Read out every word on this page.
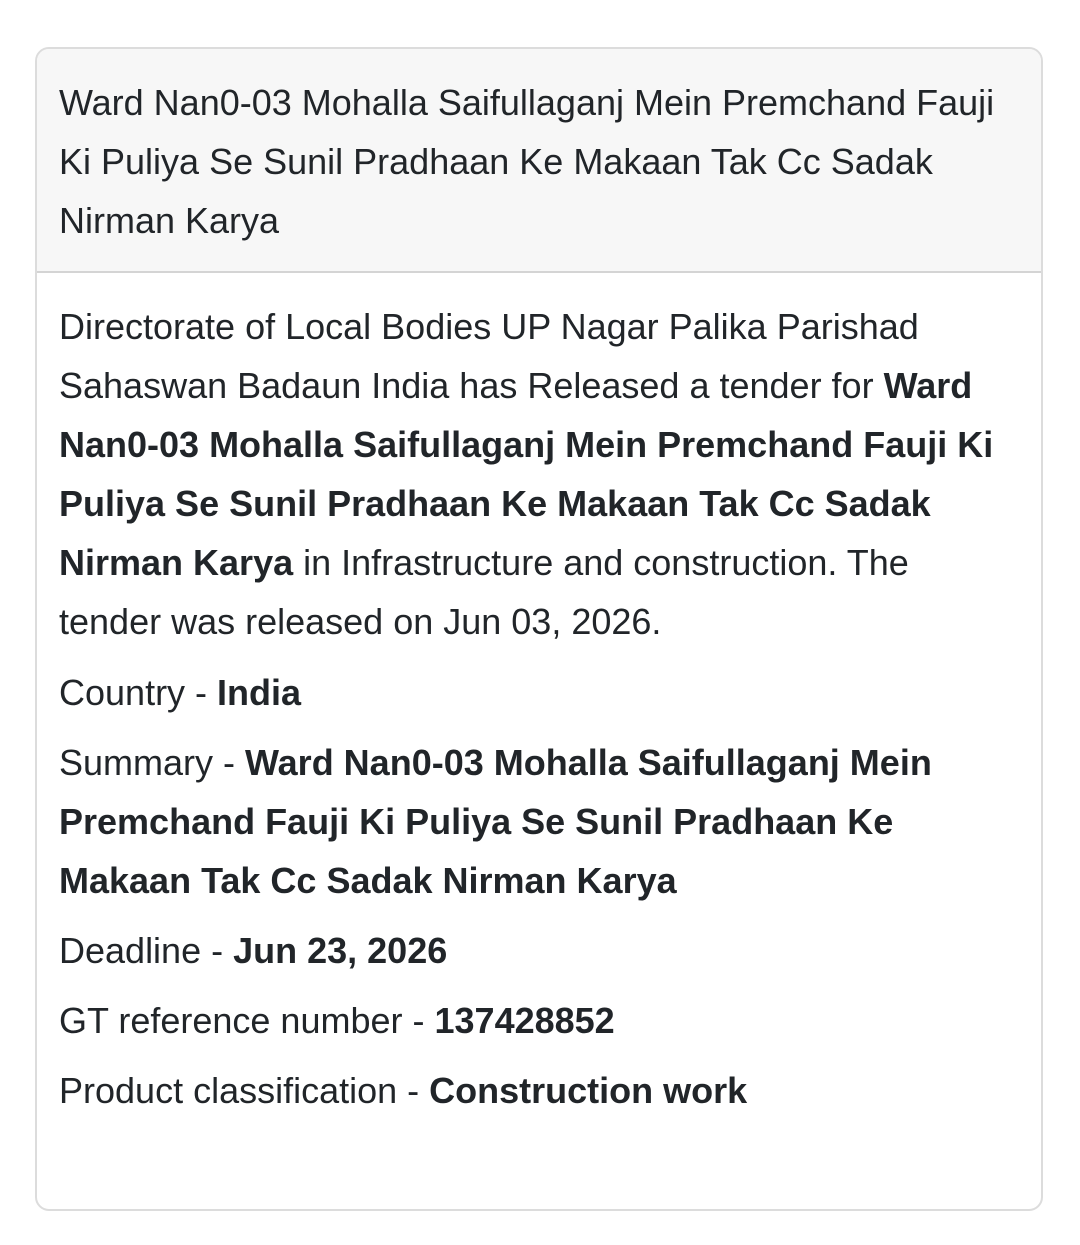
Ward Nan0-03 Mohalla Saifullaganj Mein Premchand Fauji Ki Puliya Se Sunil Pradhaan Ke Makaan Tak Cc Sadak Nirman Karya
Directorate of Local Bodies UP Nagar Palika Parishad Sahaswan Badaun India has Released a tender for Ward Nan0-03 Mohalla Saifullaganj Mein Premchand Fauji Ki Puliya Se Sunil Pradhaan Ke Makaan Tak Cc Sadak Nirman Karya in Infrastructure and construction. The tender was released on Jun 03, 2026.
Country - India
Summary - Ward Nan0-03 Mohalla Saifullaganj Mein Premchand Fauji Ki Puliya Se Sunil Pradhaan Ke Makaan Tak Cc Sadak Nirman Karya
Deadline - Jun 23, 2026
GT reference number - 137428852
Product classification - Construction work
